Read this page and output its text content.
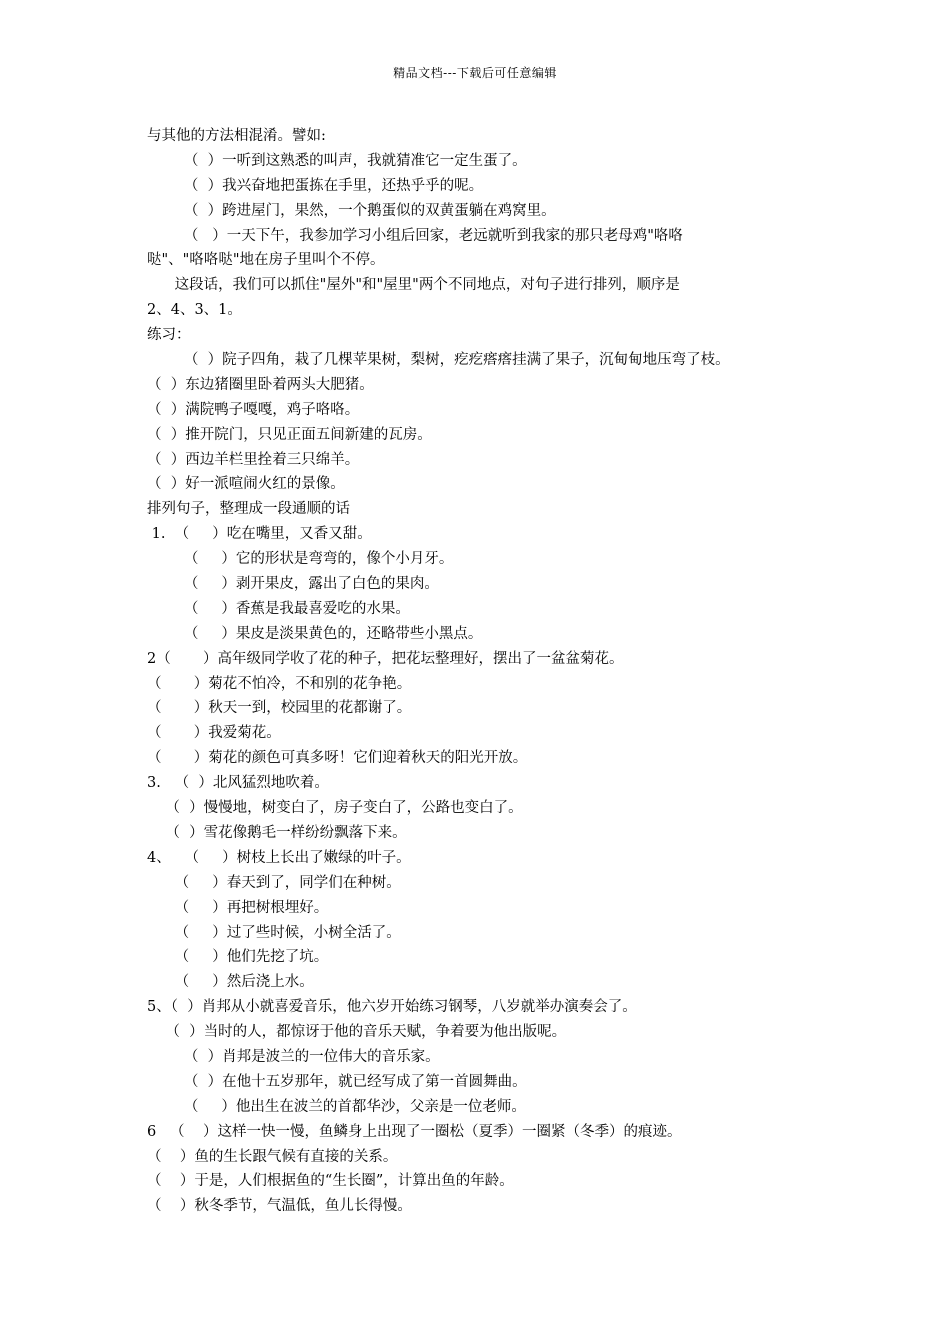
精品文档---下载后可任意编辑
与其他的方法相混淆。譬如:
（  ）一听到这熟悉的叫声，我就猜准它一定生蛋了。
（  ）我兴奋地把蛋拣在手里，还热乎乎的呢。
（  ）跨进屋门，果然，一个鹅蛋似的双黄蛋躺在鸡窝里。
（   ）一天下午，我参加学习小组后回家，老远就听到我家的那只老母鸡"咯咯
哒"、"咯咯哒"地在房子里叫个不停。
这段话，我们可以抓住"屋外"和"屋里"两个不同地点，对句子进行排列，顺序是
2、4、3、1。
练习：
（  ）院子四角，栽了几棵苹果树，梨树，疙疙瘩瘩挂满了果子，沉甸甸地压弯了枝。
（  ）东边猪圈里卧着两头大肥猪。
（  ）满院鸭子嘎嘎，鸡子咯咯。
（  ）推开院门，只见正面五间新建的瓦房。
（  ）西边羊栏里拴着三只绵羊。
（  ）好一派喧闹火红的景像。
排列句子，整理成一段通顺的话
1.  （     ）吃在嘴里，又香又甜。
（     ）它的形状是弯弯的，像个小月牙。
（     ）剥开果皮，露出了白色的果肉。
（     ）香蕉是我最喜爱吃的水果。
（     ）果皮是淡果黄色的，还略带些小黑点。
2（       ）高年级同学收了花的种子，把花坛整理好，摆出了一盆盆菊花。
（       ）菊花不怕冷，不和别的花争艳。
（       ）秋天一到，校园里的花都谢了。
（       ）我爱菊花。
（       ）菊花的颜色可真多呀！它们迎着秋天的阳光开放。
3.   （  ）北风猛烈地吹着。
（  ）慢慢地，树变白了，房子变白了，公路也变白了。
（  ）雪花像鹅毛一样纷纷飘落下来。
4、   （     ）树枝上长出了嫩绿的叶子。
（     ）春天到了，同学们在种树。
（     ）再把树根埋好。
（     ）过了些时候，小树全活了。
（     ）他们先挖了坑。
（     ）然后浇上水。
5、（  ）肖邦从小就喜爱音乐，他六岁开始练习钢琴，八岁就举办演奏会了。
（  ）当时的人，都惊讶于他的音乐天赋，争着要为他出版呢。
（  ）肖邦是波兰的一位伟大的音乐家。
（  ）在他十五岁那年，就已经写成了第一首圆舞曲。
（     ）他出生在波兰的首都华沙，父亲是一位老师。
6   （    ）这样一快一慢，鱼鳞身上出现了一圈松（夏季）一圈紧（冬季）的痕迹。
（    ）鱼的生长跟气候有直接的关系。
（    ）于是，人们根据鱼的“生长圈”，计算出鱼的年龄。
（    ）秋冬季节，气温低，鱼儿长得慢。
